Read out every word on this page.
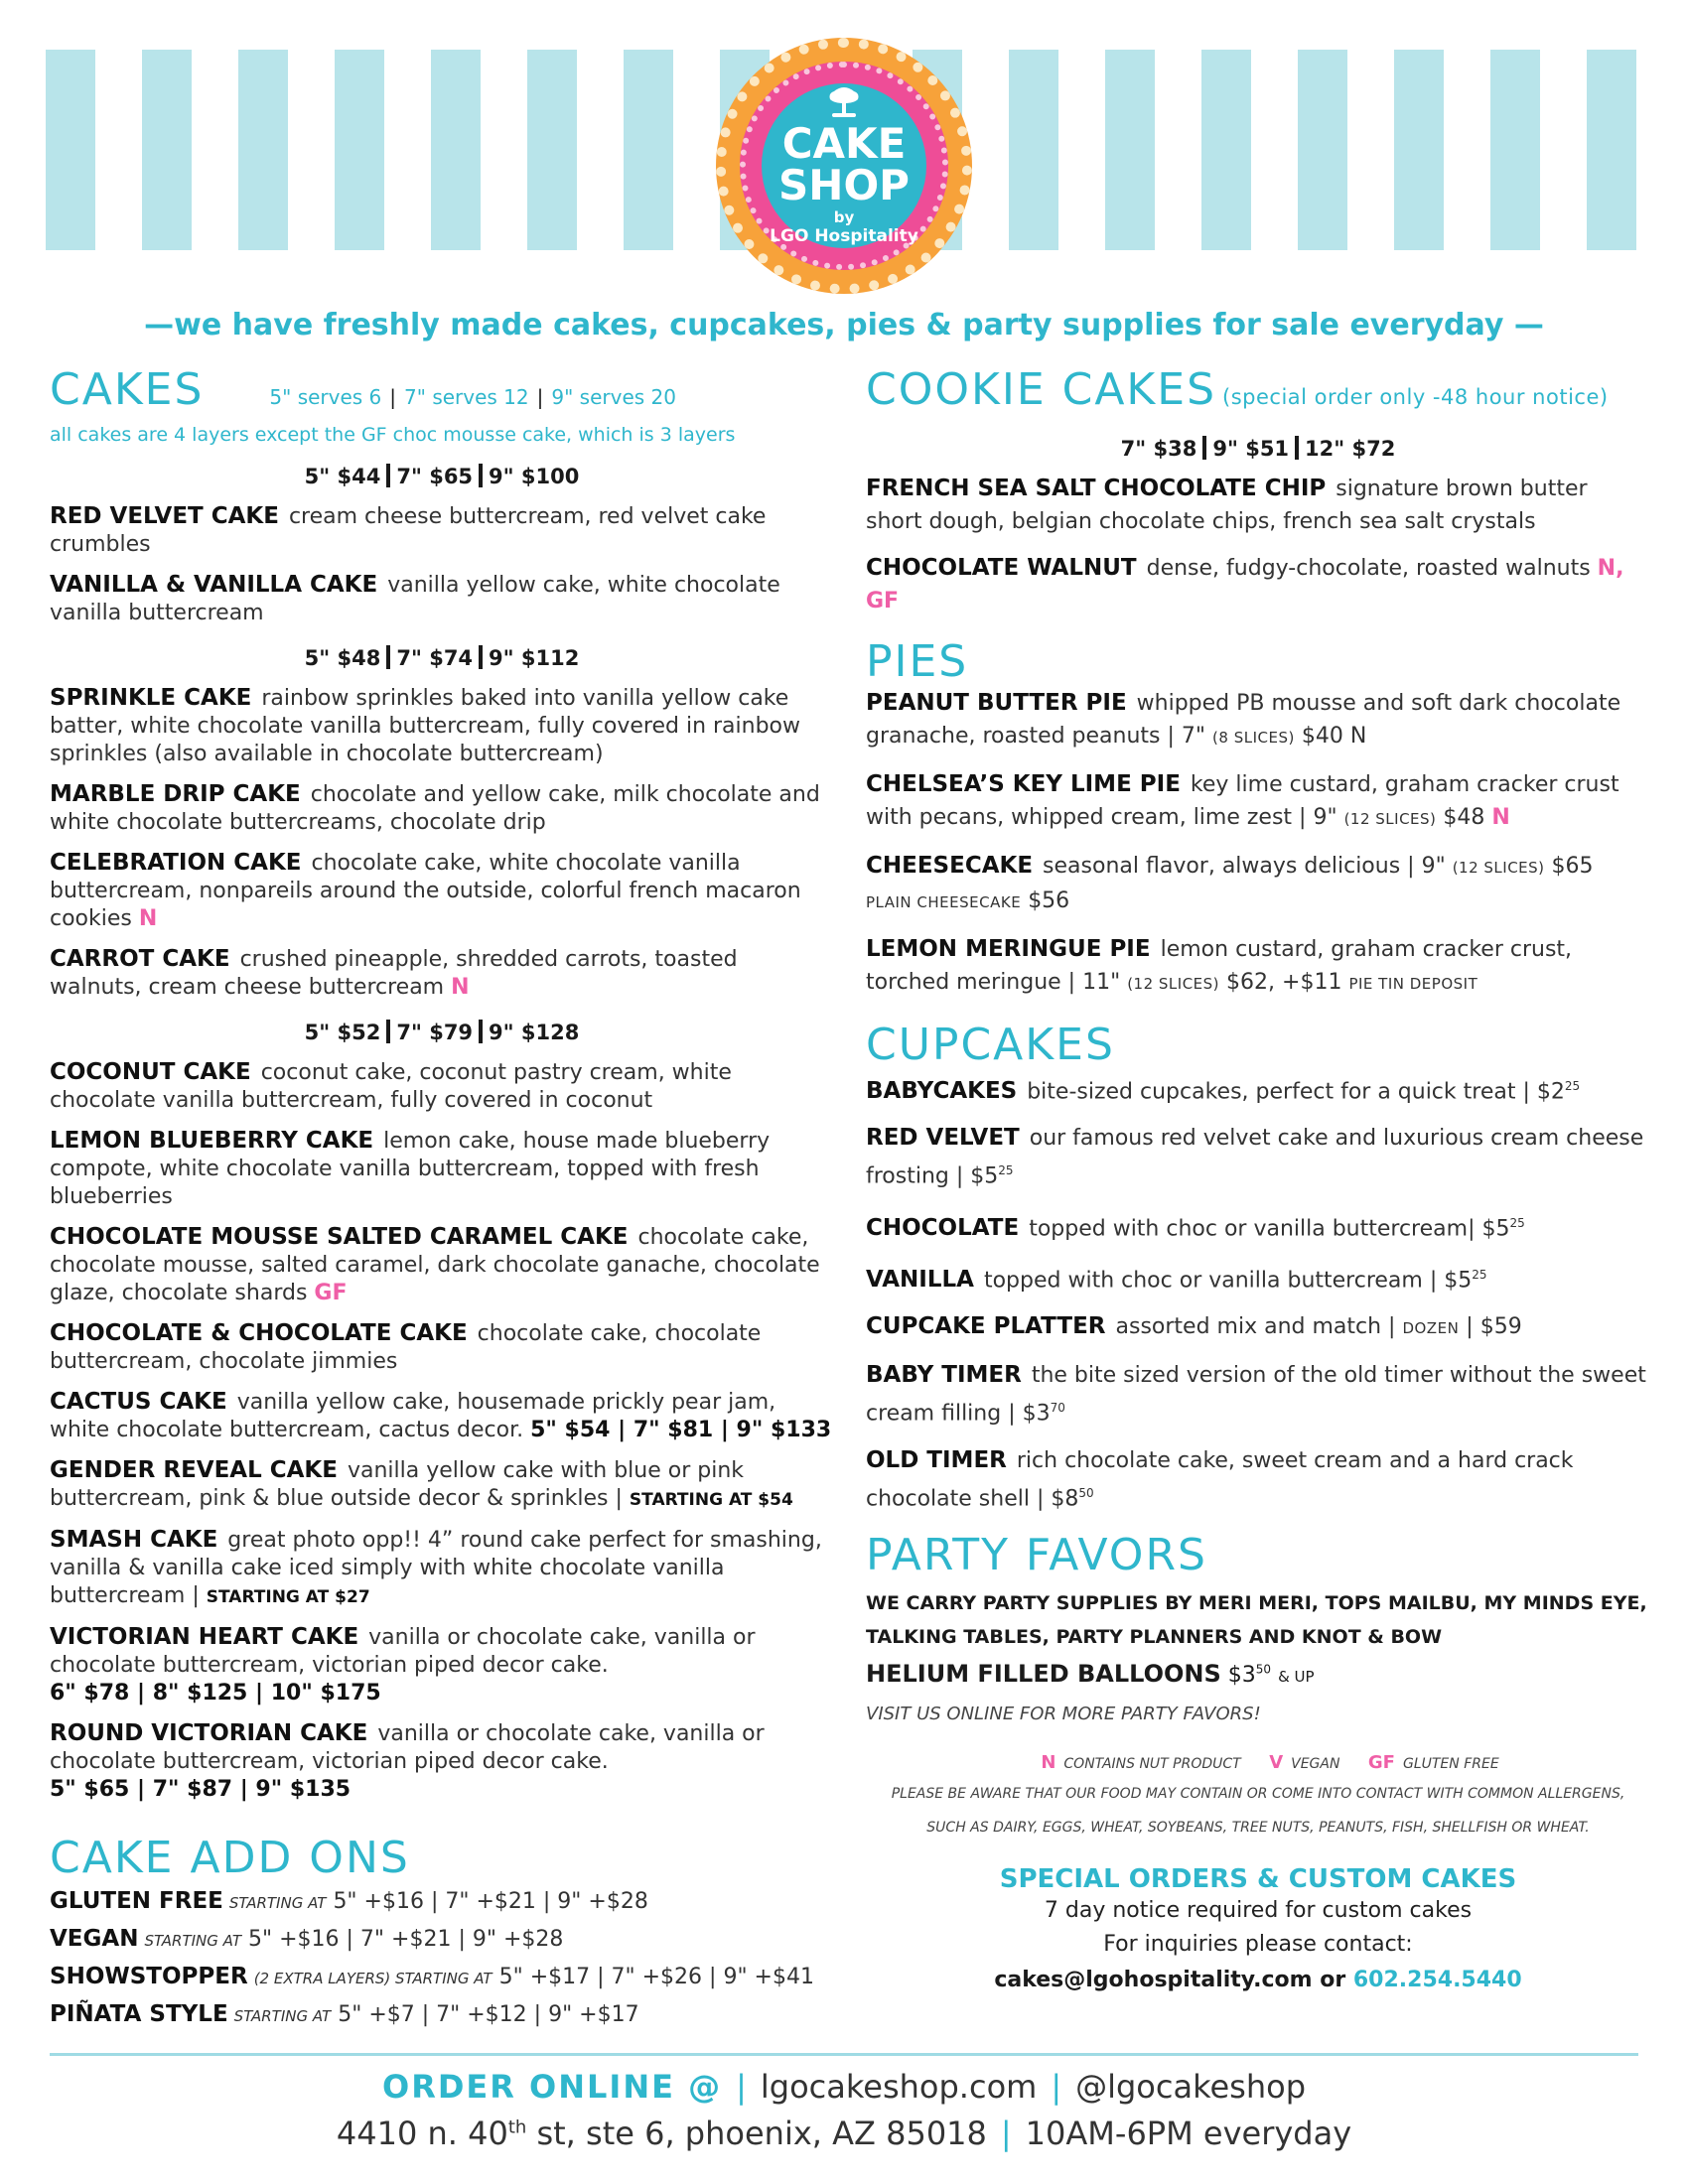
CAKE
SHOP
by
LGO Hospitality
—we have freshly made cakes, cupcakes, pies & party supplies for sale everyday —
CAKES	5" serves 6 | 7" serves 12 | 9" serves 20
all cakes are 4 layers except the GF choc mousse cake, which is 3 layers
5" $44 7" $65 9" $100
RED VELVET CAKE cream cheese buttercream, red velvet cake crumbles
VANILLA & VANILLA CAKE vanilla yellow cake, white chocolate vanilla buttercream
5" $48 7" $74 9" $112
SPRINKLE CAKE rainbow sprinkles baked into vanilla yellow cake batter, white chocolate vanilla buttercream, fully covered in rainbow sprinkles (also available in chocolate buttercream)
MARBLE DRIP CAKE chocolate and yellow cake, milk chocolate and white chocolate buttercreams, chocolate drip
CELEBRATION CAKE chocolate cake, white chocolate vanilla buttercream, nonpareils around the outside, colorful french macaron cookies N
CARROT CAKE crushed pineapple, shredded carrots, toasted walnuts, cream cheese buttercream N
5" $52 7" $79 9" $128
COCONUT CAKE coconut cake, coconut pastry cream, white chocolate vanilla buttercream, fully covered in coconut
LEMON BLUEBERRY CAKE lemon cake, house made blueberry compote, white chocolate vanilla buttercream, topped with fresh blueberries
CHOCOLATE MOUSSE SALTED CARAMEL CAKE chocolate cake, chocolate mousse, salted caramel, dark chocolate ganache, chocolate glaze, chocolate shards GF
CHOCOLATE & CHOCOLATE CAKE chocolate cake, chocolate buttercream, chocolate jimmies
CACTUS CAKE vanilla yellow cake, housemade prickly pear jam, white chocolate buttercream, cactus decor. 5" $54 | 7" $81 | 9" $133
GENDER REVEAL CAKE vanilla yellow cake with blue or pink buttercream, pink & blue outside decor & sprinkles | STARTING AT $54
SMASH CAKE great photo opp!! 4” round cake perfect for smashing, vanilla & vanilla cake iced simply with white chocolate vanilla buttercream | STARTING AT $27
VICTORIAN HEART CAKE vanilla or chocolate cake, vanilla or chocolate buttercream, victorian piped decor cake.
6" $78 | 8" $125 | 10" $175
ROUND VICTORIAN CAKE vanilla or chocolate cake, vanilla or chocolate buttercream, victorian piped decor cake.
5" $65 | 7" $87 | 9" $135
CAKE ADD ONS
GLUTEN FREE STARTING AT 5" +$16 | 7" +$21 | 9" +$28
VEGAN STARTING AT 5" +$16 | 7" +$21 | 9" +$28
SHOWSTOPPER (2 EXTRA LAYERS) STARTING AT 5" +$17 | 7" +$26 | 9" +$41
PIÑATA STYLE STARTING AT 5" +$7 | 7" +$12 | 9" +$17
COOKIE CAKES (special order only -48 hour notice)
7" $38 9" $51 12" $72
FRENCH SEA SALT CHOCOLATE CHIP signature brown butter short dough, belgian chocolate chips, french sea salt crystals
CHOCOLATE WALNUT dense, fudgy-chocolate, roasted walnuts N, GF
PIES
PEANUT BUTTER PIE whipped PB mousse and soft dark chocolate granache, roasted peanuts | 7" (8 SLICES) $40 N
CHELSEA’S KEY LIME PIE key lime custard, graham cracker crust with pecans, whipped cream, lime zest | 9" (12 SLICES) $48 N
CHEESECAKE seasonal flavor, always delicious | 9" (12 SLICES) $65
PLAIN CHEESECAKE $56
LEMON MERINGUE PIE lemon custard, graham cracker crust, torched meringue | 11" (12 SLICES) $62, +$11 PIE TIN DEPOSIT
CUPCAKES
BABYCAKES bite-sized cupcakes, perfect for a quick treat | $\$2^{25}$
RED VELVET our famous red velvet cake and luxurious cream cheese frosting | $\$5^{25}$
CHOCOLATE topped with choc or vanilla buttercream| $\$5^{25}$
VANILLA topped with choc or vanilla buttercream | $\$5^{25}$
CUPCAKE PLATTER assorted mix and match | DOZEN | $59
BABY TIMER the bite sized version of the old timer without the sweet cream filling | $\$3^{70}$
OLD TIMER rich chocolate cake, sweet cream and a hard crack chocolate shell | $\$8^{50}$
PARTY FAVORS
WE CARRY PARTY SUPPLIES BY MERI MERI, TOPS MAILBU, MY MINDS EYE, TALKING TABLES, PARTY PLANNERS AND KNOT & BOW
HELIUM FILLED BALLOONS $\$3^{50}$ & UP
VISIT US ONLINE FOR MORE PARTY FAVORS!
N CONTAINS NUT PRODUCT V VEGAN GF GLUTEN FREE
PLEASE BE AWARE THAT OUR FOOD MAY CONTAIN OR COME INTO CONTACT WITH COMMON ALLERGENS,
SUCH AS DAIRY, EGGS, WHEAT, SOYBEANS, TREE NUTS, PEANUTS, FISH, SHELLFISH OR WHEAT.
SPECIAL ORDERS & CUSTOM CAKES
7 day notice required for custom cakes
For inquiries please contact:
cakes@lgohospitality.com or 602.254.5440
ORDER ONLINE @ | lgocakeshop.com | @lgocakeshop
4410 n. 40th st, ste 6, phoenix, AZ 85018 | 10AM-6PM everyday
